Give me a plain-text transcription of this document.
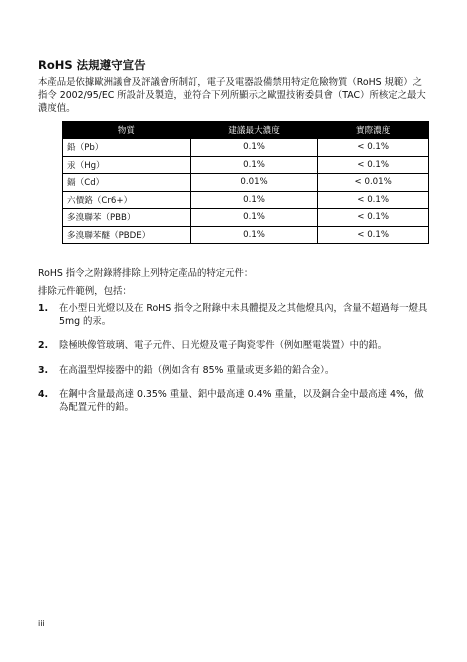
RoHS 法規遵守宣告
本產品是依據歐洲議會及評議會所制訂，電子及電器設備禁用特定危險物質（RoHS 規範）之指令 2002/95/EC 所設計及製造，並符合下列所顯示之歐盟技術委員會（TAC）所核定之最大濃度值。
物質	建議最大濃度	實際濃度
鉛（Pb）	0.1%	< 0.1%
汞（Hg）	0.1%	< 0.1%
鎘（Cd）	0.01%	< 0.01%
六價鉻（Cr6+）	0.1%	< 0.1%
多溴聯苯（PBB）	0.1%	< 0.1%
多溴聯苯醚（PBDE）	0.1%	< 0.1%
RoHS 指令之附錄將排除上列特定產品的特定元件：
排除元件範例，包括：
1. 在小型日光燈以及在 RoHS 指令之附錄中未具體提及之其他燈具內，含量不超過每一燈具 5mg 的汞。
2. 陰極映像管玻璃、電子元件、日光燈及電子陶瓷零件（例如壓電裝置）中的鉛。
3. 在高溫型焊接器中的鉛（例如含有 85% 重量或更多鉛的鉛合金）。
4. 在鋼中含量最高達 0.35% 重量、鋁中最高達 0.4% 重量，以及銅合金中最高達 4%，做為配置元件的鉛。
iii
